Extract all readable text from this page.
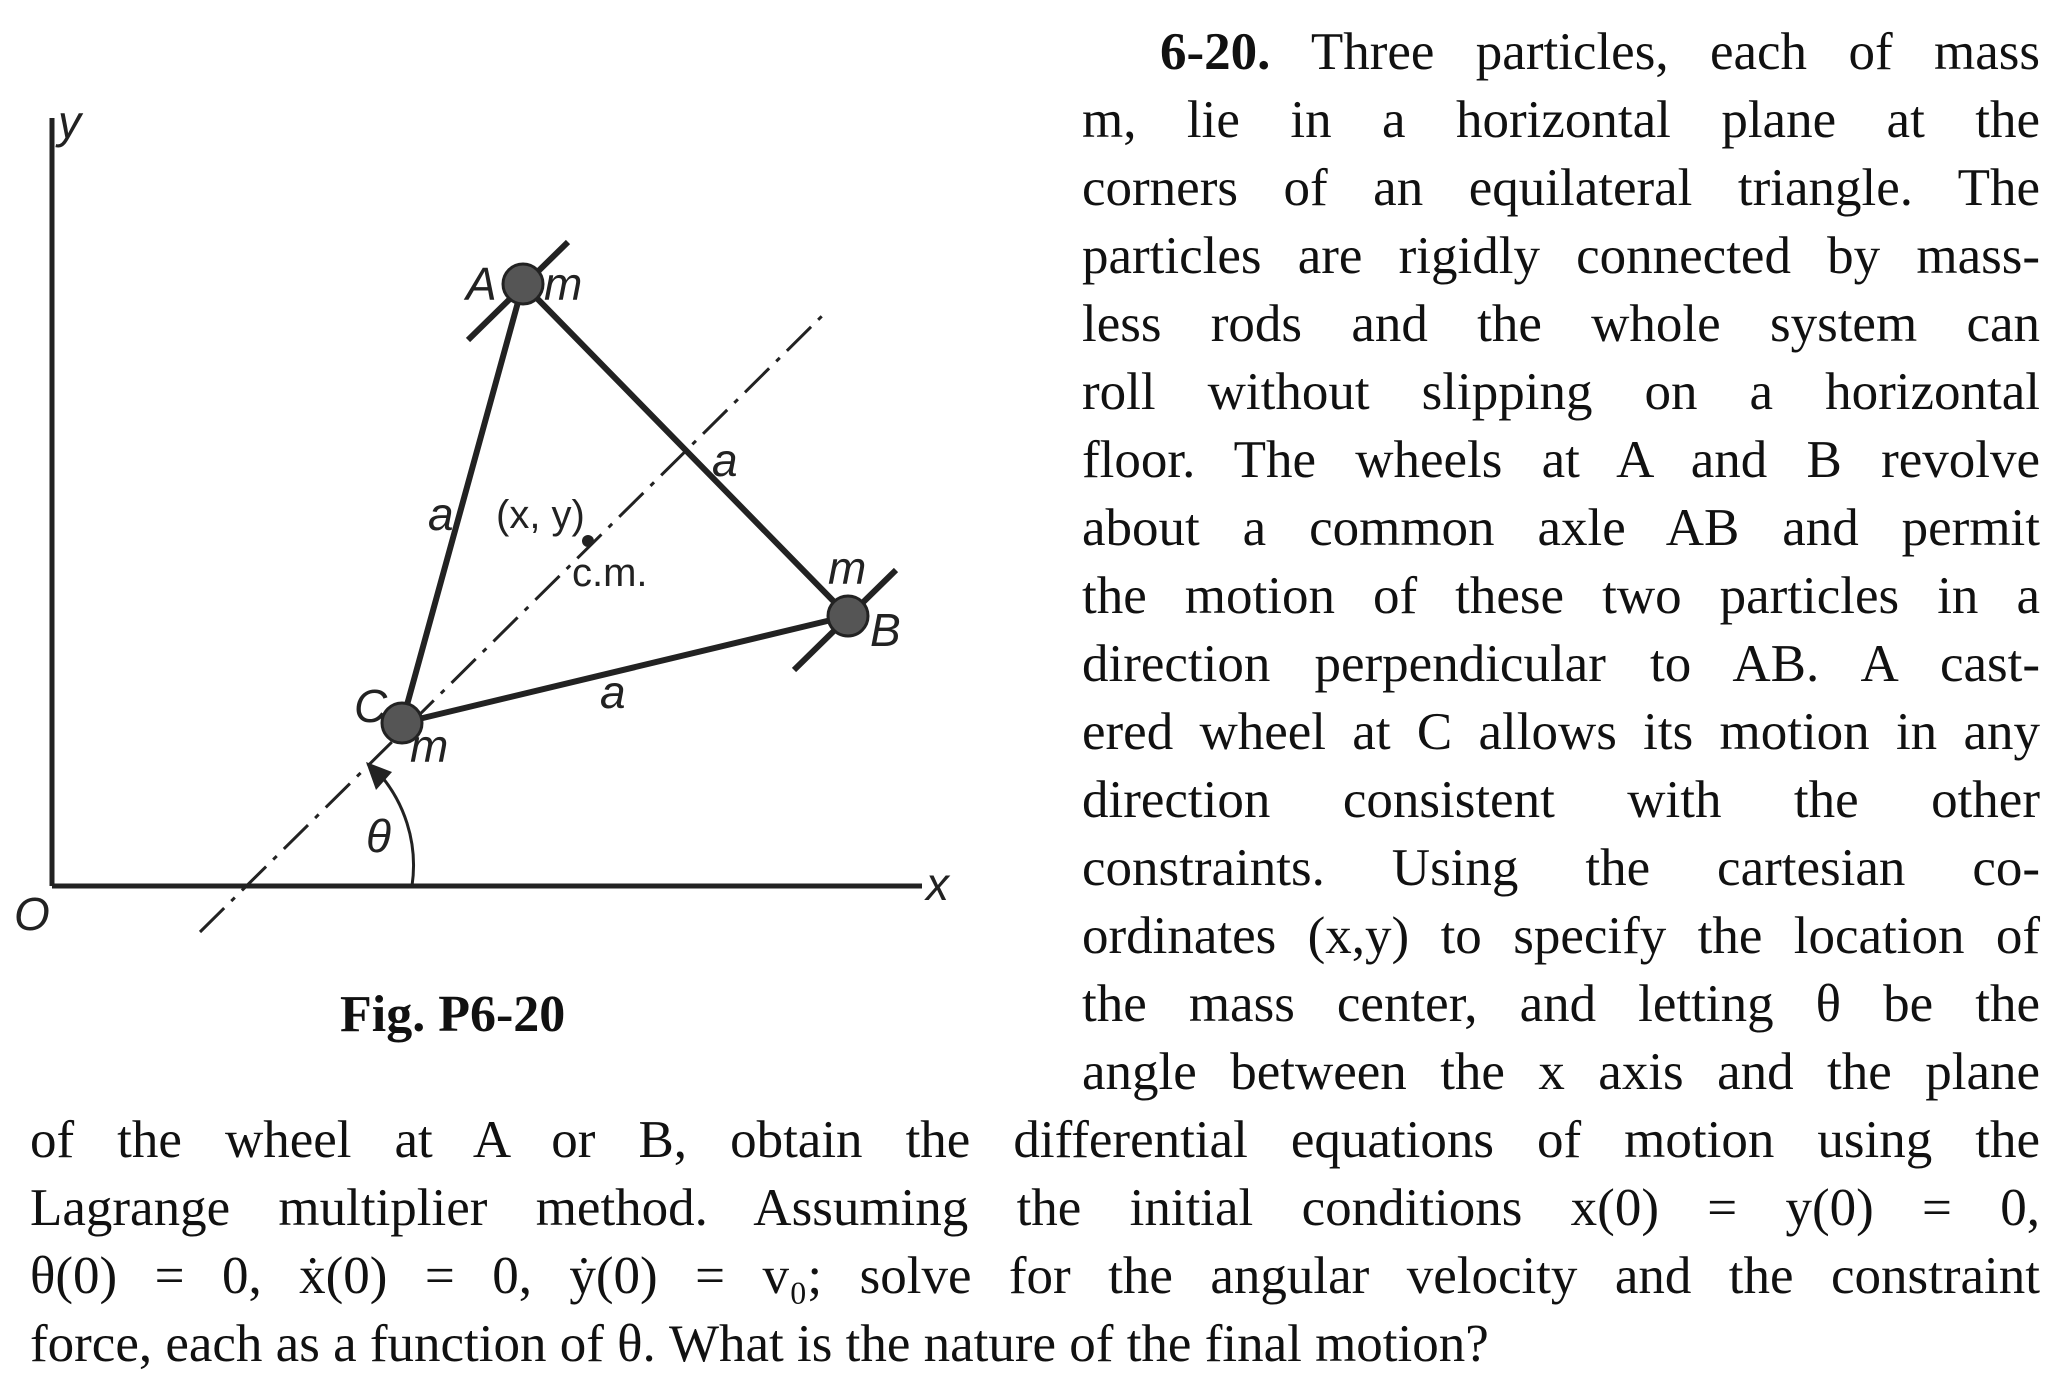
y
x
O
A m
a (x, y)
c.m.
a
m
B
a
C
m
θ
Fig. P6-20
6-20. Three particles, each of mass
m, lie in a horizontal plane at the
corners of an equilateral triangle. The
particles are rigidly connected by mass-
less rods and the whole system can
roll without slipping on a horizontal
floor. The wheels at A and B revolve
about a common axle AB and permit
the motion of these two particles in a
direction perpendicular to AB. A cast-
ered wheel at C allows its motion in any
direction consistent with the other
constraints. Using the cartesian co-
ordinates (x,y) to specify the location of
the mass center, and letting θ be the
angle between the x axis and the plane
of the wheel at A or B, obtain the differential equations of motion using the
Lagrange multiplier method. Assuming the initial conditions x(0) = y(0) = 0,
θ(0) = 0, ẋ(0) = 0, ẏ(0) = v₀; solve for the angular velocity and the constraint
force, each as a function of θ. What is the nature of the final motion?
